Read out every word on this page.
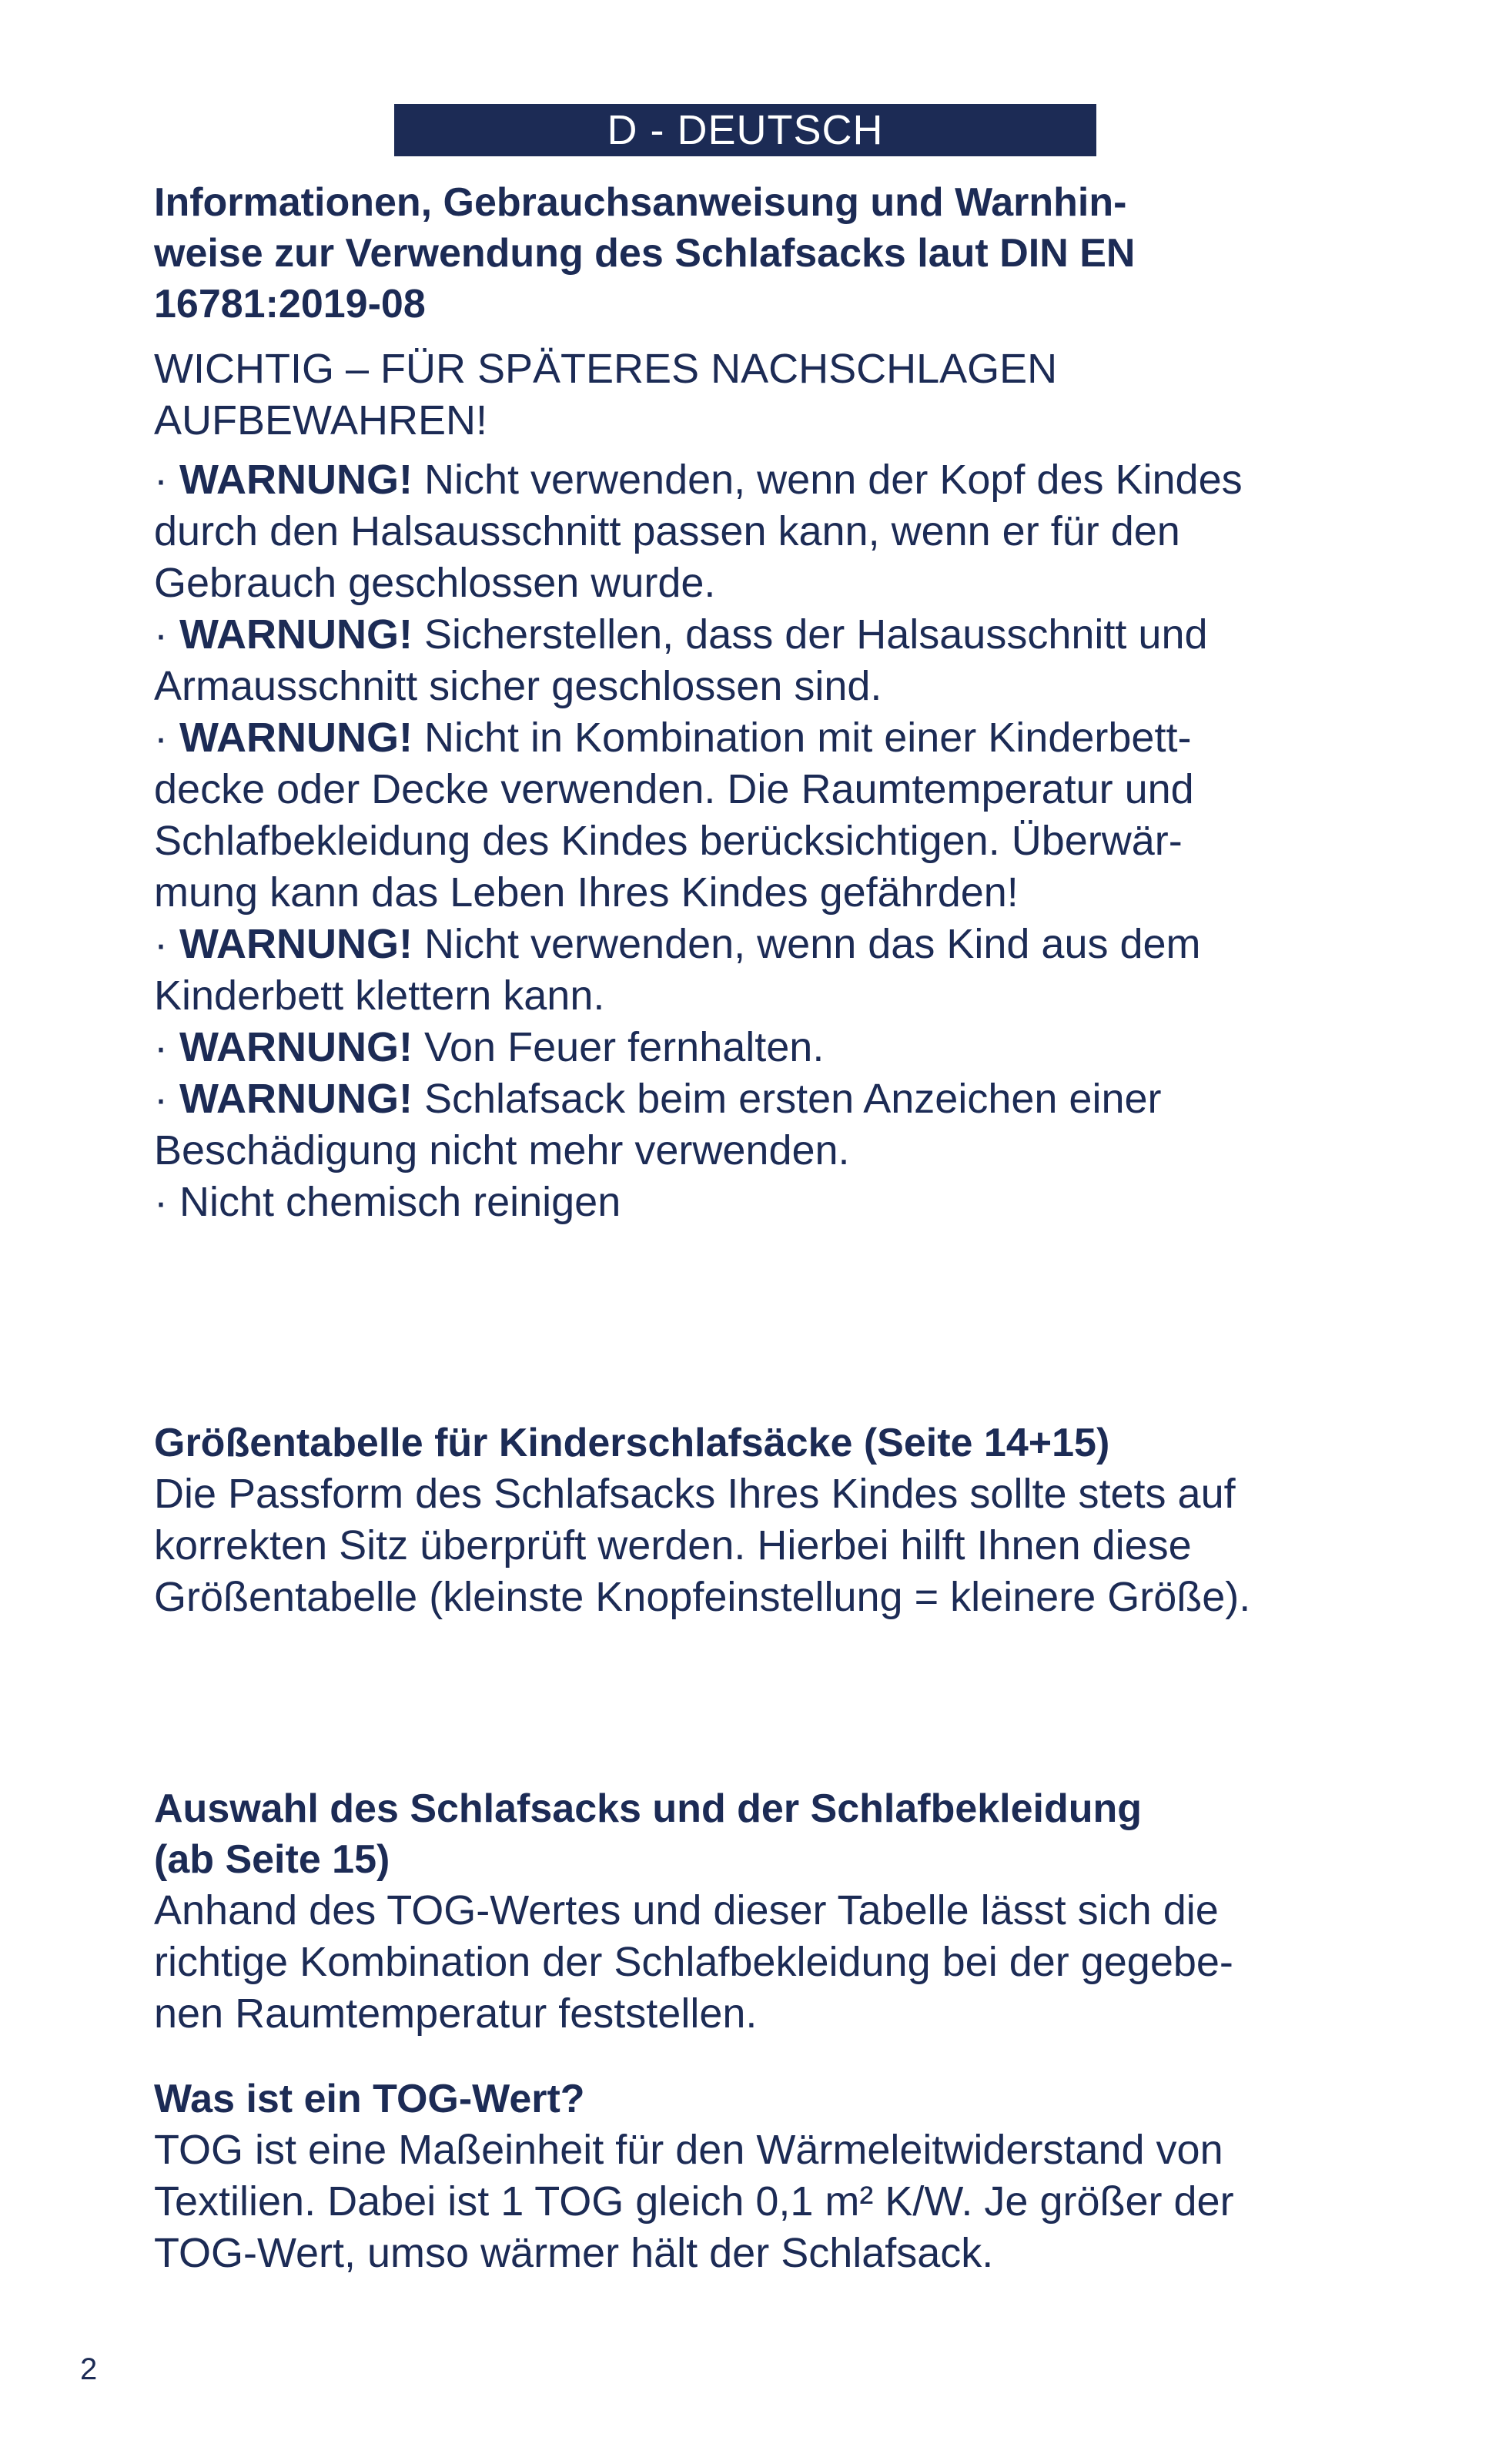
D - DEUTSCH
Informationen, Gebrauchsanweisung und Warnhin-
weise zur Verwendung des Schlafsacks laut DIN EN
16781:2019-08

WICHTIG – FÜR SPÄTERES NACHSCHLAGEN
AUFBEWAHREN!

· WARNUNG! Nicht verwenden, wenn der Kopf des Kindes
durch den Halsausschnitt passen kann, wenn er für den
Gebrauch geschlossen wurde.
· WARNUNG! Sicherstellen, dass der Halsausschnitt und
Armausschnitt sicher geschlossen sind.
· WARNUNG! Nicht in Kombination mit einer Kinderbett-
decke oder Decke verwenden. Die Raumtemperatur und
Schlafbekleidung des Kindes berücksichtigen. Überwär-
mung kann das Leben Ihres Kindes gefährden!
· WARNUNG! Nicht verwenden, wenn das Kind aus dem
Kinderbett klettern kann.
· WARNUNG! Von Feuer fernhalten.
· WARNUNG! Schlafsack beim ersten Anzeichen einer
Beschädigung nicht mehr verwenden.
· Nicht chemisch reinigen
Größentabelle für Kinderschlafsäcke (Seite 14+15)

Die Passform des Schlafsacks Ihres Kindes sollte stets auf
korrekten Sitz überprüft werden. Hierbei hilft Ihnen diese
Größentabelle (kleinste Knopfeinstellung = kleinere Größe).

Auswahl des Schlafsacks und der Schlafbekleidung
(ab Seite 15)

Anhand des TOG-Wertes und dieser Tabelle lässt sich die
richtige Kombination der Schlafbekleidung bei der gegebe-
nen Raumtemperatur feststellen.

Was ist ein TOG-Wert?

TOG ist eine Maßeinheit für den Wärmeleitwiderstand von
Textilien. Dabei ist 1 TOG gleich 0,1 m² K/W. Je größer der
TOG-Wert, umso wärmer hält der Schlafsack.

2
